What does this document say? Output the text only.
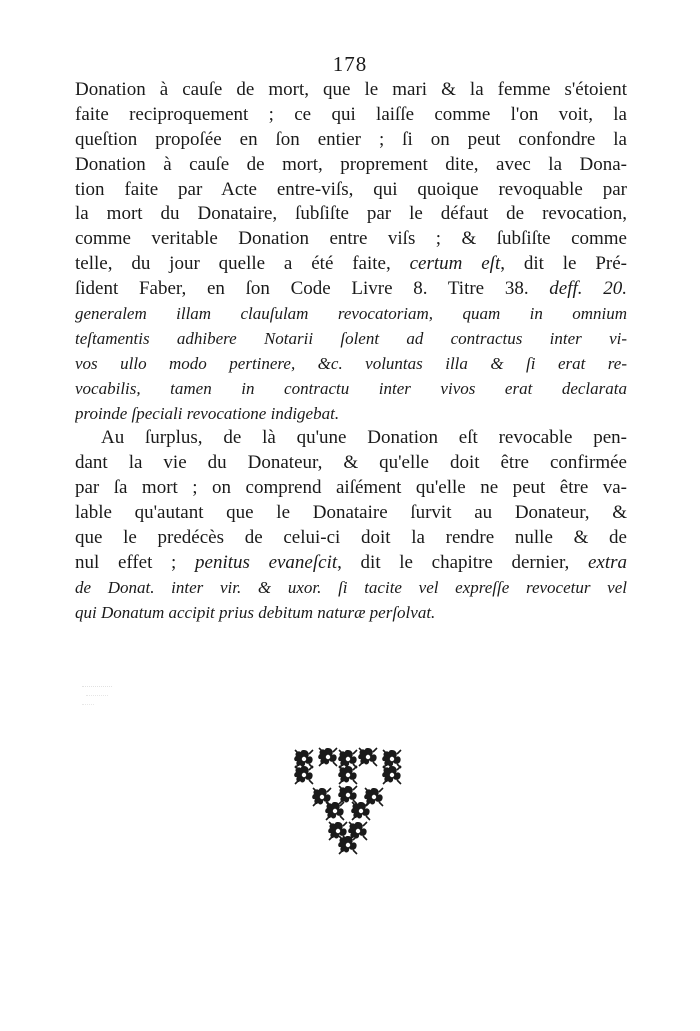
178
Donation à cauſe de mort, que le mari & la femme s'étoient
faite reciproquement ; ce qui laiſſe comme l'on voit, la
queſtion propoſée en ſon entier ; ſi on peut confondre la
Donation à cauſe de mort, proprement dite, avec la Dona-
tion faite par Acte entre-viſs, qui quoique revoquable par
la mort du Donataire, ſubſiſte par le défaut de revocation,
comme veritable Donation entre viſs ; & ſubſiſte comme
telle, du jour quelle a été faite, certum eſt, dit le Pré-
ſident Faber, en ſon Code Livre 8. Titre 38. deff. 20.
generalem illam clauſulam revocatoriam, quam in omnium
teſtamentis adhibere Notarii ſolent ad contractus inter vi-
vos ullo modo pertinere, &c. voluntas illa & ſi erat re-
vocabilis, tamen in contractu inter vivos erat declarata
proinde ſpeciali revocatione indigebat.
Au ſurplus, de là qu'une Donation eſt revocable pen-
dant la vie du Donateur, & qu'elle doit être confirmée
par ſa mort ; on comprend aiſément qu'elle ne peut être va-
lable qu'autant que le Donataire ſurvit au Donateur, &
que le predécès de celui-ci doit la rendre nulle & de
nul effet ; penitus evaneſcit, dit le chapitre dernier, extra
de Donat. inter vir. & uxor. ſi tacite vel expreſſe revocetur vel
qui Donatum accipit prius debitum naturæ perſolvat.
